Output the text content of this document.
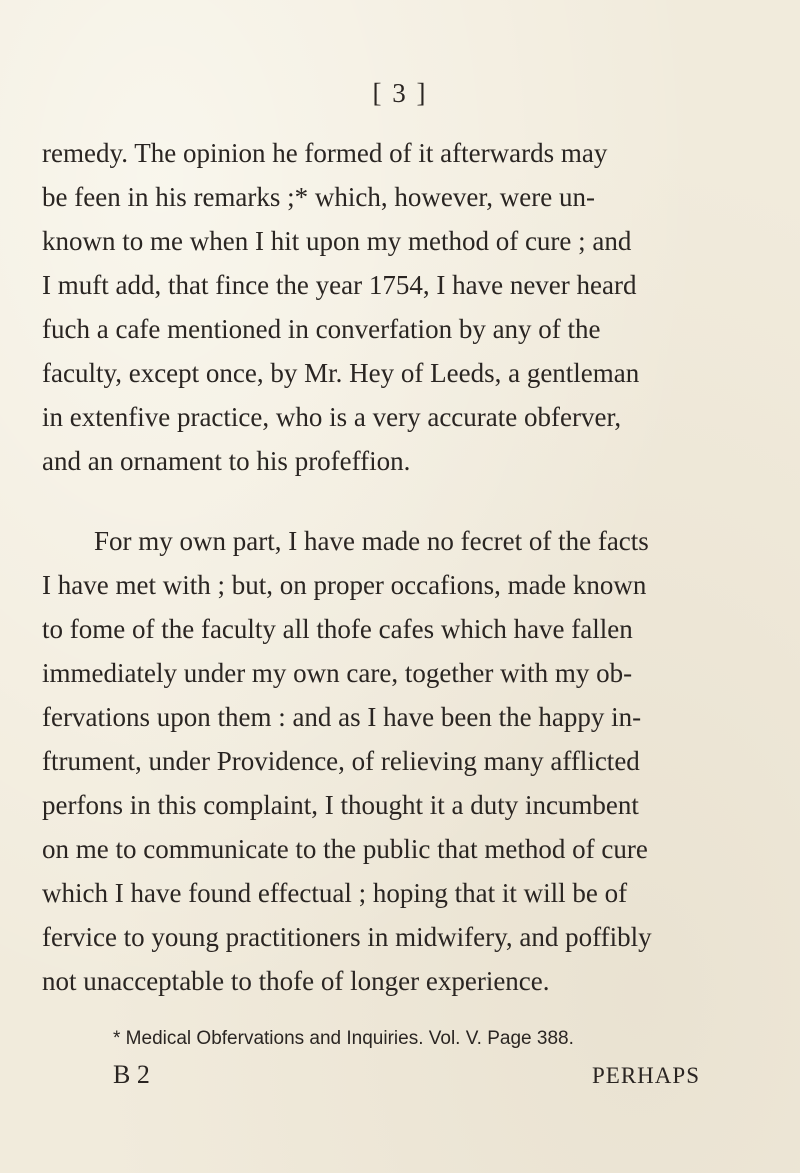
[ 3 ]
remedy. The opinion he formed of it afterwards may
be feen in his remarks ;* which, however, were un-
known to me when I hit upon my method of cure ; and
I muft add, that fince the year 1754, I have never heard
fuch a cafe mentioned in converfation by any of the
faculty, except once, by Mr. Hey of Leeds, a gentleman
in extenfive practice, who is a very accurate obferver,
and an ornament to his profeffion.
For my own part, I have made no fecret of the facts
I have met with ; but, on proper occafions, made known
to fome of the faculty all thofe cafes which have fallen
immediately under my own care, together with my ob-
fervations upon them : and as I have been the happy in-
ftrument, under Providence, of relieving many afflicted
perfons in this complaint, I thought it a duty incumbent
on me to communicate to the public that method of cure
which I have found effectual ; hoping that it will be of
fervice to young practitioners in midwifery, and poffibly
not unacceptable to thofe of longer experience.
* Medical Obfervations and Inquiries. Vol. V. Page 388.
B 2	PERHAPS
